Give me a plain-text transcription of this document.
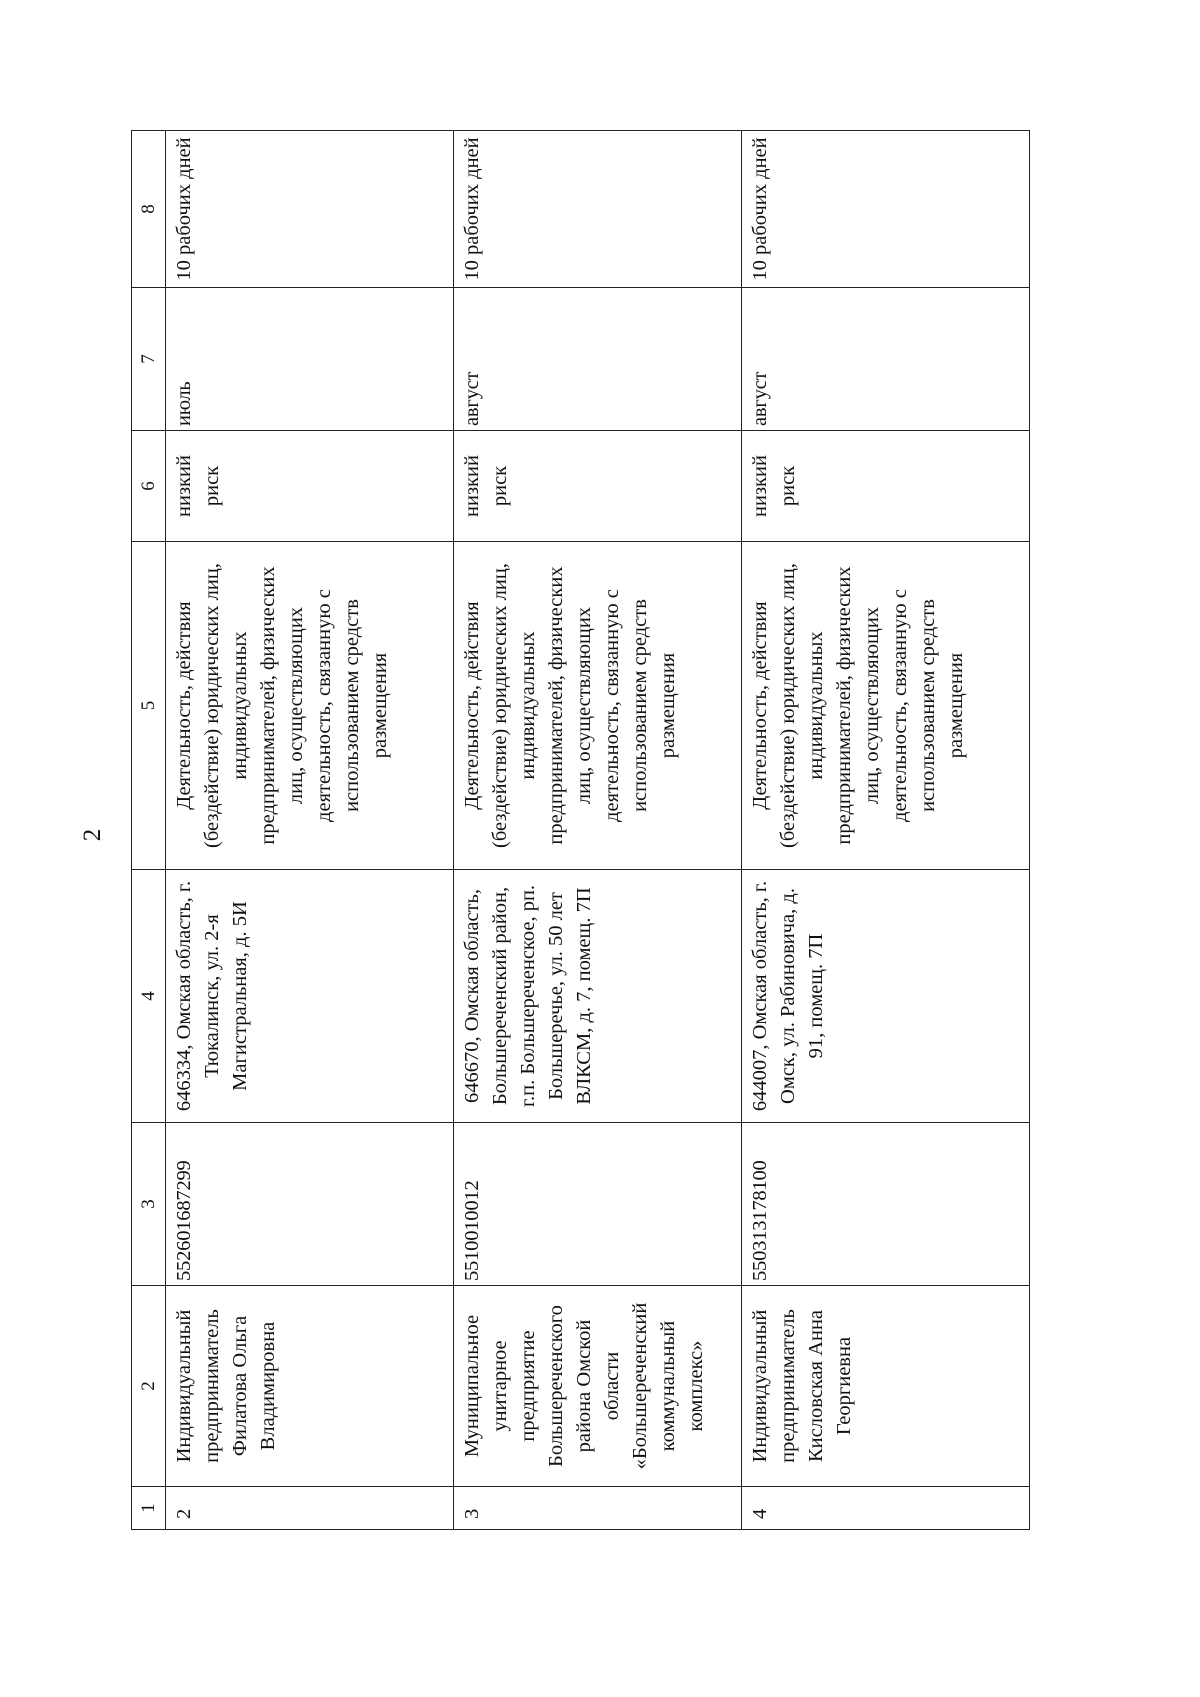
2
1	2	3	4	5	6	7	8
2	Индивидуальный предприниматель Филатова Ольга Владимировна	552601687299	646334, Омская область, г. Тюкалинск, ул. 2-я Магистральная, д. 5И	Деятельность, действия (бездействие) юридических лиц, индивидуальных предпринимателей, физических лиц, осуществляющих деятельность, связанную с использованием средств размещения	низкий риск	июль	10 рабочих дней
3	Муниципальное унитарное предприятие Большереченского района Омской области «Большереченский коммунальный комплекс»	5510010012	646670, Омская область, Большереченский район, г.п. Большереченское, рп. Большеречье, ул. 50 лет ВЛКСМ, д. 7, помещ. 7П	Деятельность, действия (бездействие) юридических лиц, индивидуальных предпринимателей, физических лиц, осуществляющих деятельность, связанную с использованием средств размещения	низкий риск	август	10 рабочих дней
4	Индивидуальный предприниматель Кисловская Анна Георгиевна	550313178100	644007, Омская область, г. Омск, ул. Рабиновича, д. 91, помещ. 7П	Деятельность, действия (бездействие) юридических лиц, индивидуальных предпринимателей, физических лиц, осуществляющих деятельность, связанную с использованием средств размещения	низкий риск	август	10 рабочих дней
